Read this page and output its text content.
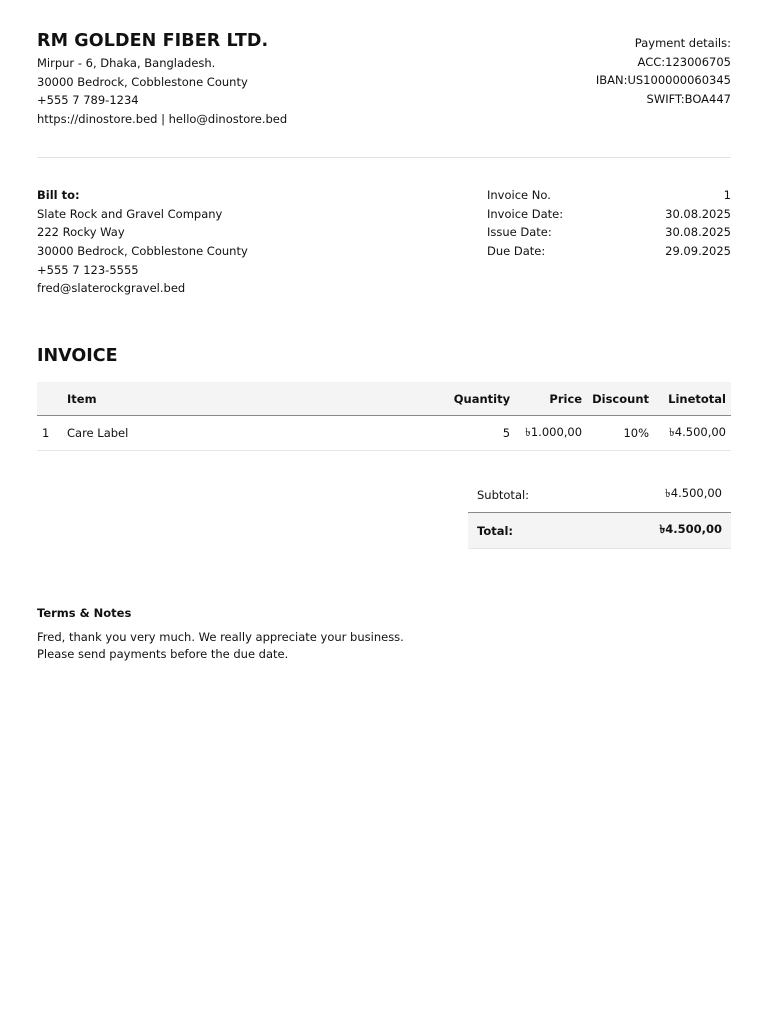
RM GOLDEN FIBER LTD.
Mirpur - 6, Dhaka, Bangladesh.
30000 Bedrock, Cobblestone County
+555 7 789-1234
https://dinostore.bed | hello@dinostore.bed
Payment details:
ACC:123006705
IBAN:US100000060345
SWIFT:BOA447
Bill to:
Slate Rock and Gravel Company
222 Rocky Way
30000 Bedrock, Cobblestone County
+555 7 123-5555
fred@slaterockgravel.bed
Invoice No.	1
Invoice Date:	30.08.2025
Issue Date:	30.08.2025
Due Date:	29.09.2025
INVOICE
	Item	Quantity	Price	Discount	Linetotal
1	Care Label	5	৳1.000,00	10%	৳4.500,00
Subtotal:	৳4.500,00
Total:	৳4.500,00
Terms & Notes
Fred, thank you very much. We really appreciate your business.
Please send payments before the due date.
